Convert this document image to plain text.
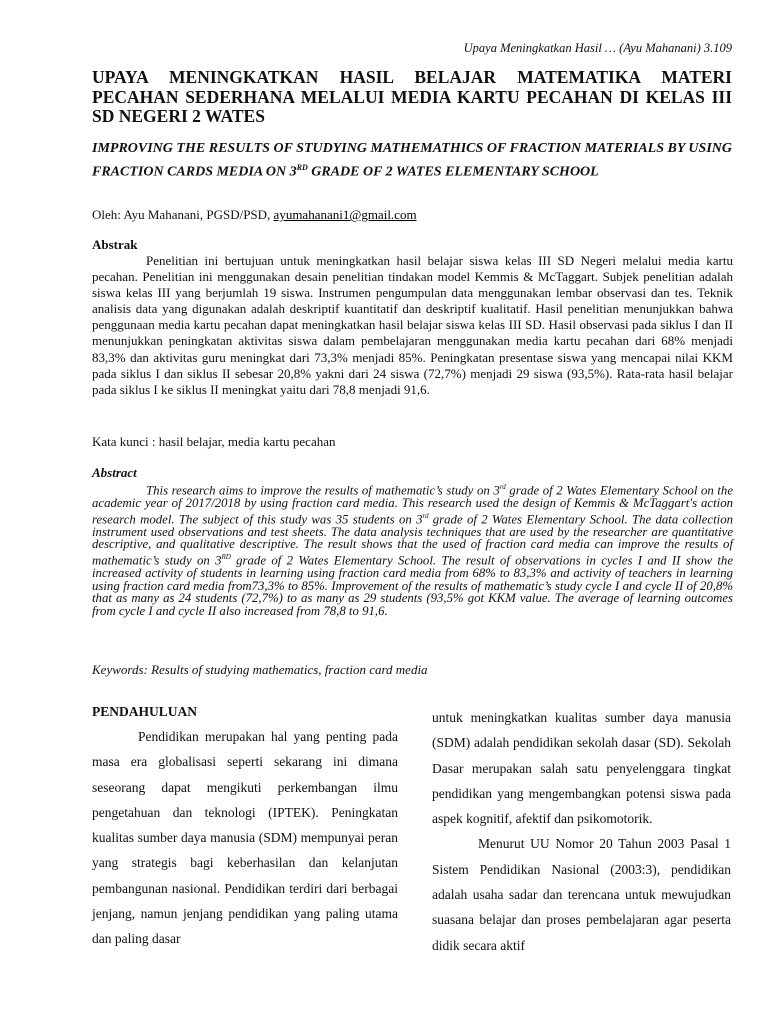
Upaya Meningkatkan Hasil … (Ayu Mahanani) 3.109
UPAYA MENINGKATKAN HASIL BELAJAR MATEMATIKA MATERI PECAHAN SEDERHANA MELALUI MEDIA KARTU PECAHAN DI KELAS III SD NEGERI 2 WATES
IMPROVING THE RESULTS OF STUDYING MATHEMATHICS OF FRACTION MATERIALS BY USING FRACTION CARDS MEDIA ON 3RD GRADE OF 2 WATES ELEMENTARY SCHOOL
Oleh: Ayu Mahanani, PGSD/PSD, ayumahanani1@gmail.com
Abstrak

Penelitian ini bertujuan untuk meningkatkan hasil belajar siswa kelas III SD Negeri melalui media kartu pecahan. Penelitian ini menggunakan desain penelitian tindakan model Kemmis & McTaggart. Subjek penelitian adalah siswa kelas III yang berjumlah 19 siswa. Instrumen pengumpulan data menggunakan lembar observasi dan tes. Teknik analisis data yang digunakan adalah deskriptif kuantitatif dan deskriptif kualitatif. Hasil penelitian menunjukkan bahwa penggunaan media kartu pecahan dapat meningkatkan hasil belajar siswa kelas III SD. Hasil observasi pada siklus I dan II menunjukkan peningkatan aktivitas siswa dalam pembelajaran menggunakan media kartu pecahan dari 68% menjadi 83,3% dan aktivitas guru meningkat dari 73,3% menjadi 85%. Peningkatan presentase siswa yang mencapai nilai KKM pada siklus I dan siklus II sebesar 20,8% yakni dari 24 siswa (72,7%) menjadi 29 siswa (93,5%). Rata-rata hasil belajar pada siklus I ke siklus II meningkat yaitu dari 78,8 menjadi 91,6.

Kata kunci : hasil belajar, media kartu pecahan
Abstract

This research aims to improve the results of mathematic’s study on 3rd grade of 2 Wates Elementary School on the academic year of 2017/2018 by using fraction card media. This research used the design of Kemmis & McTaggart's action research model. The subject of this study was 35 students on 3rd grade of 2 Wates Elementary School. The data collection instrument used observations and test sheets. The data analysis techniques that are used by the researcher are quantitative descriptive, and qualitative descriptive. The result shows that the used of fraction card media can improve the results of mathematic’s study on 3RD grade of 2 Wates Elementary School. The result of observations in cycles I and II show the increased activity of students in learning using fraction card media from 68% to 83,3% and activity of teachers in learning using fraction card media from73,3% to 85%. Improvement of the results of mathematic’s study cycle I and cycle II of 20,8% that as many as 24 students (72,7%) to as many as 29 students (93,5% got KKM value. The average of learning outcomes from cycle I and cycle II also increased from 78,8 to 91,6.

Keywords: Results of studying mathematics, fraction card media
PENDAHULUAN

Pendidikan merupakan hal yang penting pada masa era globalisasi seperti sekarang ini dimana seseorang dapat mengikuti perkembangan ilmu pengetahuan dan teknologi (IPTEK). Peningkatan kualitas sumber daya manusia (SDM) mempunyai peran yang strategis bagi keberhasilan dan kelanjutan pembangunan nasional. Pendidikan terdiri dari berbagai jenjang, namun jenjang pendidikan yang paling utama dan paling dasar

untuk meningkatkan kualitas sumber daya manusia (SDM) adalah pendidikan sekolah dasar (SD). Sekolah Dasar merupakan salah satu penyelenggara tingkat pendidikan yang mengembangkan potensi siswa pada aspek kognitif, afektif dan psikomotorik.

Menurut UU Nomor 20 Tahun 2003 Pasal 1 Sistem Pendidikan Nasional (2003:3), pendidikan adalah usaha sadar dan terencana untuk mewujudkan suasana belajar dan proses pembelajaran agar peserta didik secara aktif
